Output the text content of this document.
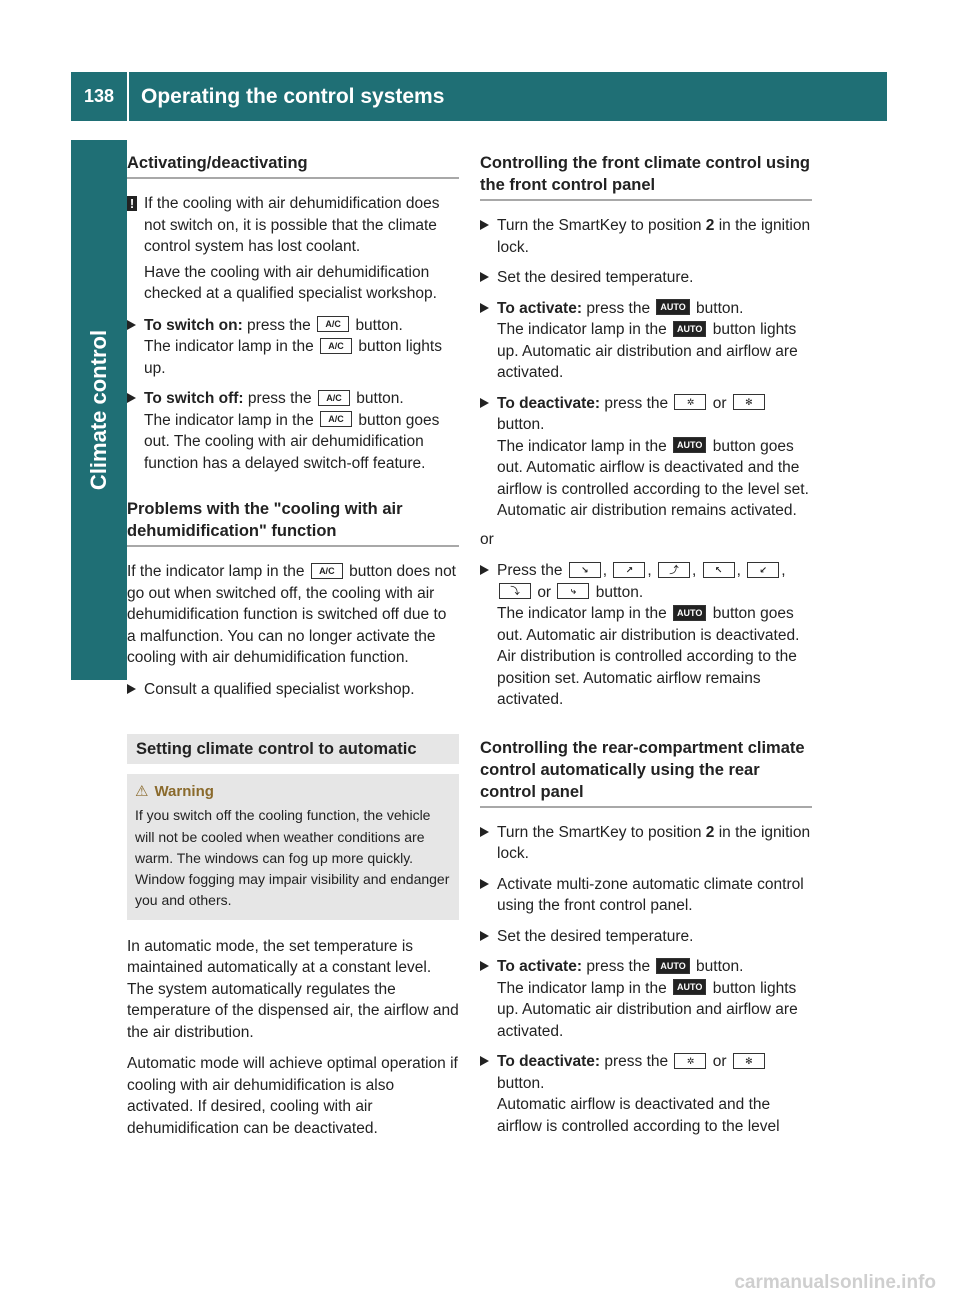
138	Operating the control systems
Climate control
Activating/deactivating
! If the cooling with air dehumidification does not switch on, it is possible that the climate control system has lost coolant.
Have the cooling with air dehumidification checked at a qualified specialist workshop.
To switch on: press the A/C button.
The indicator lamp in the A/C button lights up.
To switch off: press the A/C button.
The indicator lamp in the A/C button goes out. The cooling with air dehumidification function has a delayed switch-off feature.
Problems with the "cooling with air dehumidification" function
If the indicator lamp in the A/C button does not go out when switched off, the cooling with air dehumidification function is switched off due to a malfunction. You can no longer activate the cooling with air dehumidification function.
Consult a qualified specialist workshop.
Setting climate control to automatic
⚠ Warning
If you switch off the cooling function, the vehicle will not be cooled when weather conditions are warm. The windows can fog up more quickly. Window fogging may impair visibility and endanger you and others.
In automatic mode, the set temperature is maintained automatically at a constant level. The system automatically regulates the temperature of the dispensed air, the airflow and the air distribution.
Automatic mode will achieve optimal operation if cooling with air dehumidification is also activated. If desired, cooling with air dehumidification can be deactivated.
Controlling the front climate control using the front control panel
Turn the SmartKey to position 2 in the ignition lock.
Set the desired temperature.
To activate: press the AUTO button.
The indicator lamp in the AUTO button lights up. Automatic air distribution and airflow are activated.
To deactivate: press the ✲ or ✻
button.
The indicator lamp in the AUTO button goes out. Automatic airflow is deactivated and the airflow is controlled according to the level set. Automatic air distribution remains activated.
or
Press the ↘ , ↗ , ⤴ , ↖ , ↙ , ⤵ or ⤷ button.
The indicator lamp in the AUTO button goes out. Automatic air distribution is deactivated. Air distribution is controlled according to the position set. Automatic airflow remains activated.
Controlling the rear-compartment climate control automatically using the rear control panel
Turn the SmartKey to position 2 in the ignition lock.
Activate multi-zone automatic climate control using the front control panel.
Set the desired temperature.
To activate: press the AUTO button.
The indicator lamp in the AUTO button lights up. Automatic air distribution and airflow are activated.
To deactivate: press the ✲ or ✻
button.
Automatic airflow is deactivated and the airflow is controlled according to the level
carmanualsonline.info
